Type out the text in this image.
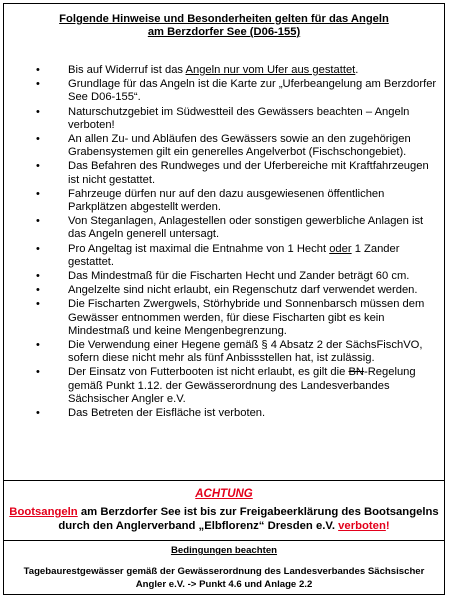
Folgende Hinweise und Besonderheiten gelten für das Angeln
am Berzdorfer See (D06-155)
•	Bis auf Widerruf ist das Angeln nur vom Ufer aus gestattet.
•	Grundlage für das Angeln ist die Karte zur „Uferbeangelung am Berzdorfer See D06-155“.
•	Naturschutzgebiet im Südwestteil des Gewässers beachten – Angeln verboten!
•	An allen Zu- und Abläufen des Gewässers sowie an den zugehörigen Grabensystemen gilt ein generelles Angelverbot (Fischschongebiet).
•	Das Befahren des Rundweges und der Uferbereiche mit Kraftfahrzeugen ist nicht gestattet.
•	Fahrzeuge dürfen nur auf den dazu ausgewiesenen öffentlichen Parkplätzen abgestellt werden.
•	Von Steganlagen, Anlagestellen oder sonstigen gewerbliche Anlagen ist das Angeln generell untersagt.
•	Pro Angeltag ist maximal die Entnahme von 1 Hecht oder 1 Zander gestattet.
•	Das Mindestmaß für die Fischarten Hecht und Zander beträgt 60 cm.
•	Angelzelte sind nicht erlaubt, ein Regenschutz darf verwendet werden.
•	Die Fischarten Zwergwels, Störhybride und Sonnenbarsch müssen dem Gewässer entnommen werden, für diese Fischarten gibt es kein Mindestmaß und keine Mengenbegrenzung.
•	Die Verwendung einer Hegene gemäß § 4 Absatz 2 der SächsFischVO, sofern diese nicht mehr als fünf Anbissstellen hat, ist zulässig.
•	Der Einsatz von Futterbooten ist nicht erlaubt, es gilt die BN-Regelung gemäß Punkt 1.12. der Gewässerordnung des Landesverbandes Sächsischer Angler e.V.
•	Das Betreten der Eisfläche ist verboten.
ACHTUNG
Bootsangeln am Berzdorfer See ist bis zur Freigabeerklärung des Bootsangelns durch den Anglerverband „Elbflorenz“ Dresden e.V. verboten!
Bedingungen beachten
Tagebaurestgewässer gemäß der Gewässerordnung des Landesverbandes Sächsischer Angler e.V. -> Punkt 4.6 und Anlage 2.2
